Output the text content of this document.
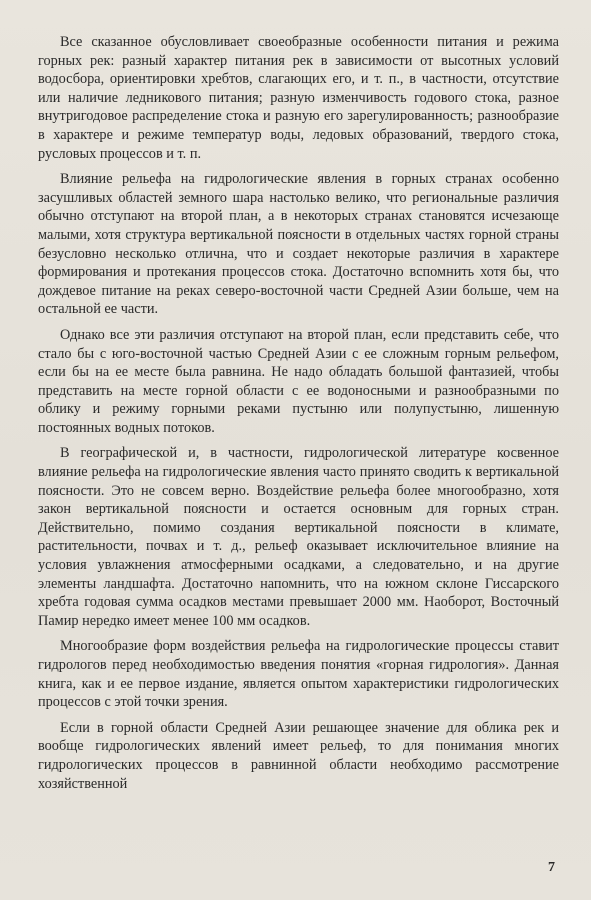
Все сказанное обусловливает своеобразные особенности питания и режима горных рек: разный характер питания рек в зависимости от высотных условий водосбора, ориентировки хребтов, слагающих его, и т. п., в частности, отсутствие или наличие ледникового питания; разную изменчивость годового стока, разное внутригодовое распределение стока и разную его зарегулированность; разнообразие в характере и режиме температур воды, ледовых образований, твердого стока, русловых процессов и т. п.

Влияние рельефа на гидрологические явления в горных странах особенно засушливых областей земного шара настолько велико, что региональные различия обычно отступают на второй план, а в некоторых странах становятся исчезающе малыми, хотя структура вертикальной поясности в отдельных частях горной страны безусловно несколько отлична, что и создает некоторые различия в характере формирования и протекания процессов стока. Достаточно вспомнить хотя бы, что дождевое питание на реках северо-восточной части Средней Азии больше, чем на остальной ее части.

Однако все эти различия отступают на второй план, если представить себе, что стало бы с юго-восточной частью Средней Азии с ее сложным горным рельефом, если бы на ее месте была равнина. Не надо обладать большой фантазией, чтобы представить на месте горной области с ее водоносными и разнообразными по облику и режиму горными реками пустыню или полупустыню, лишенную постоянных водных потоков.

В географической и, в частности, гидрологической литературе косвенное влияние рельефа на гидрологические явления часто принято сводить к вертикальной поясности. Это не совсем верно. Воздействие рельефа более многообразно, хотя закон вертикальной поясности и остается основным для горных стран. Действительно, помимо создания вертикальной поясности в климате, растительности, почвах и т. д., рельеф оказывает исключительное влияние на условия увлажнения атмосферными осадками, а следовательно, и на другие элементы ландшафта. Достаточно напомнить, что на южном склоне Гиссарского хребта годовая сумма осадков местами превышает 2000 мм. Наоборот, Восточный Памир нередко имеет менее 100 мм осадков.

Многообразие форм воздействия рельефа на гидрологические процессы ставит гидрологов перед необходимостью введения понятия «горная гидрология». Данная книга, как и ее первое издание, является опытом характеристики гидрологических процессов с этой точки зрения.

Если в горной области Средней Азии решающее значение для облика рек и вообще гидрологических явлений имеет рельеф, то для понимания многих гидрологических процессов в равнинной области необходимо рассмотрение хозяйственной

7
